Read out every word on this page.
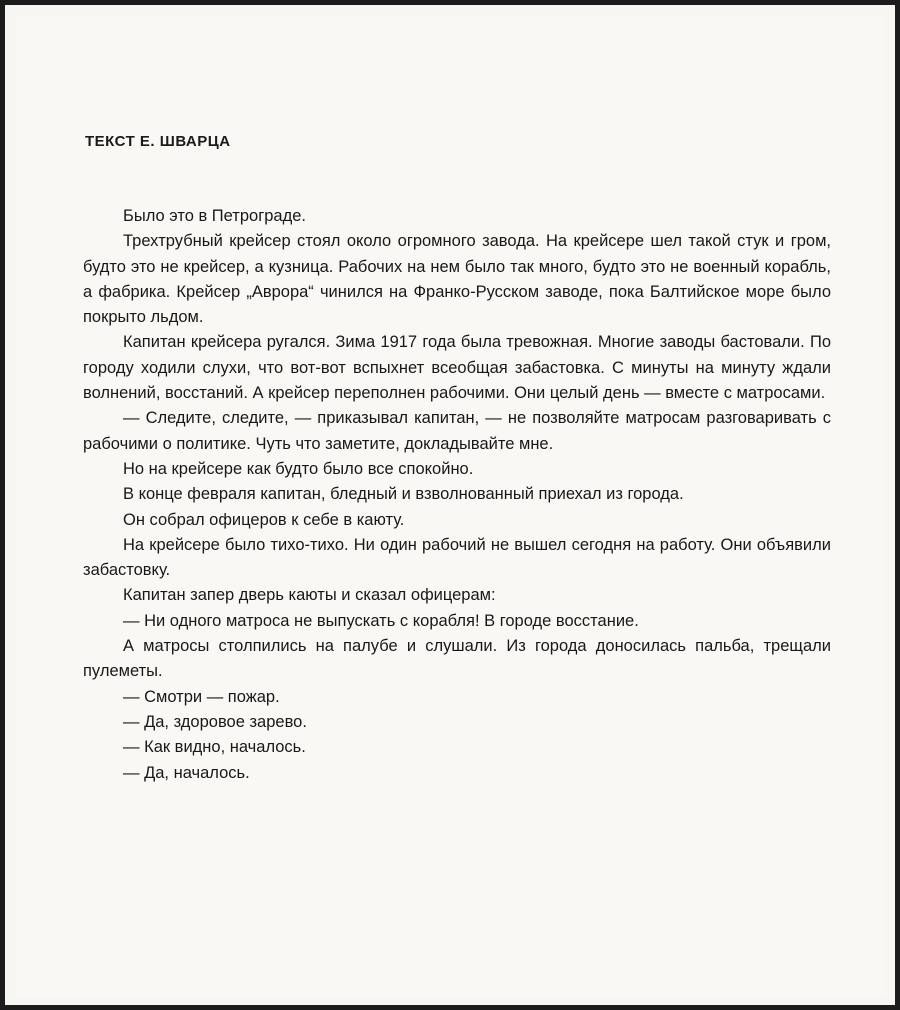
ТЕКСТ Е. ШВАРЦА

Было это в Петрограде.

Трехтрубный крейсер стоял около огромного завода. На крейсере шел такой стук и гром, будто это не крейсер, а кузница. Рабочих на нем было так много, будто это не военный корабль, а фабрика. Крейсер „Аврора“ чинился на Франко-Русском заводе, пока Балтийское море было покрыто льдом.

Капитан крейсера ругался. Зима 1917 года была тревожная. Многие заводы бастовали. По городу ходили слухи, что вот-вот вспыхнет всеобщая забастовка. С минуты на минуту ждали волнений, восстаний. А крейсер переполнен рабочими. Они целый день — вместе с матросами.

— Следите, следите, — приказывал капитан, — не позволяйте матросам разговаривать с рабочими о политике. Чуть что заметите, докладывайте мне.

Но на крейсере как будто было все спокойно.

В конце февраля капитан, бледный и взволнованный приехал из города.

Он собрал офицеров к себе в каюту.

На крейсере было тихо-тихо. Ни один рабочий не вышел сегодня на работу. Они объявили забастовку.

Капитан запер дверь каюты и сказал офицерам:

— Ни одного матроса не выпускать с корабля! В городе восстание.

А матросы столпились на палубе и слушали. Из города доносилась пальба, трещали пулеметы.

— Смотри — пожар.

— Да, здоровое зарево.

— Как видно, началось.

— Да, началось.
